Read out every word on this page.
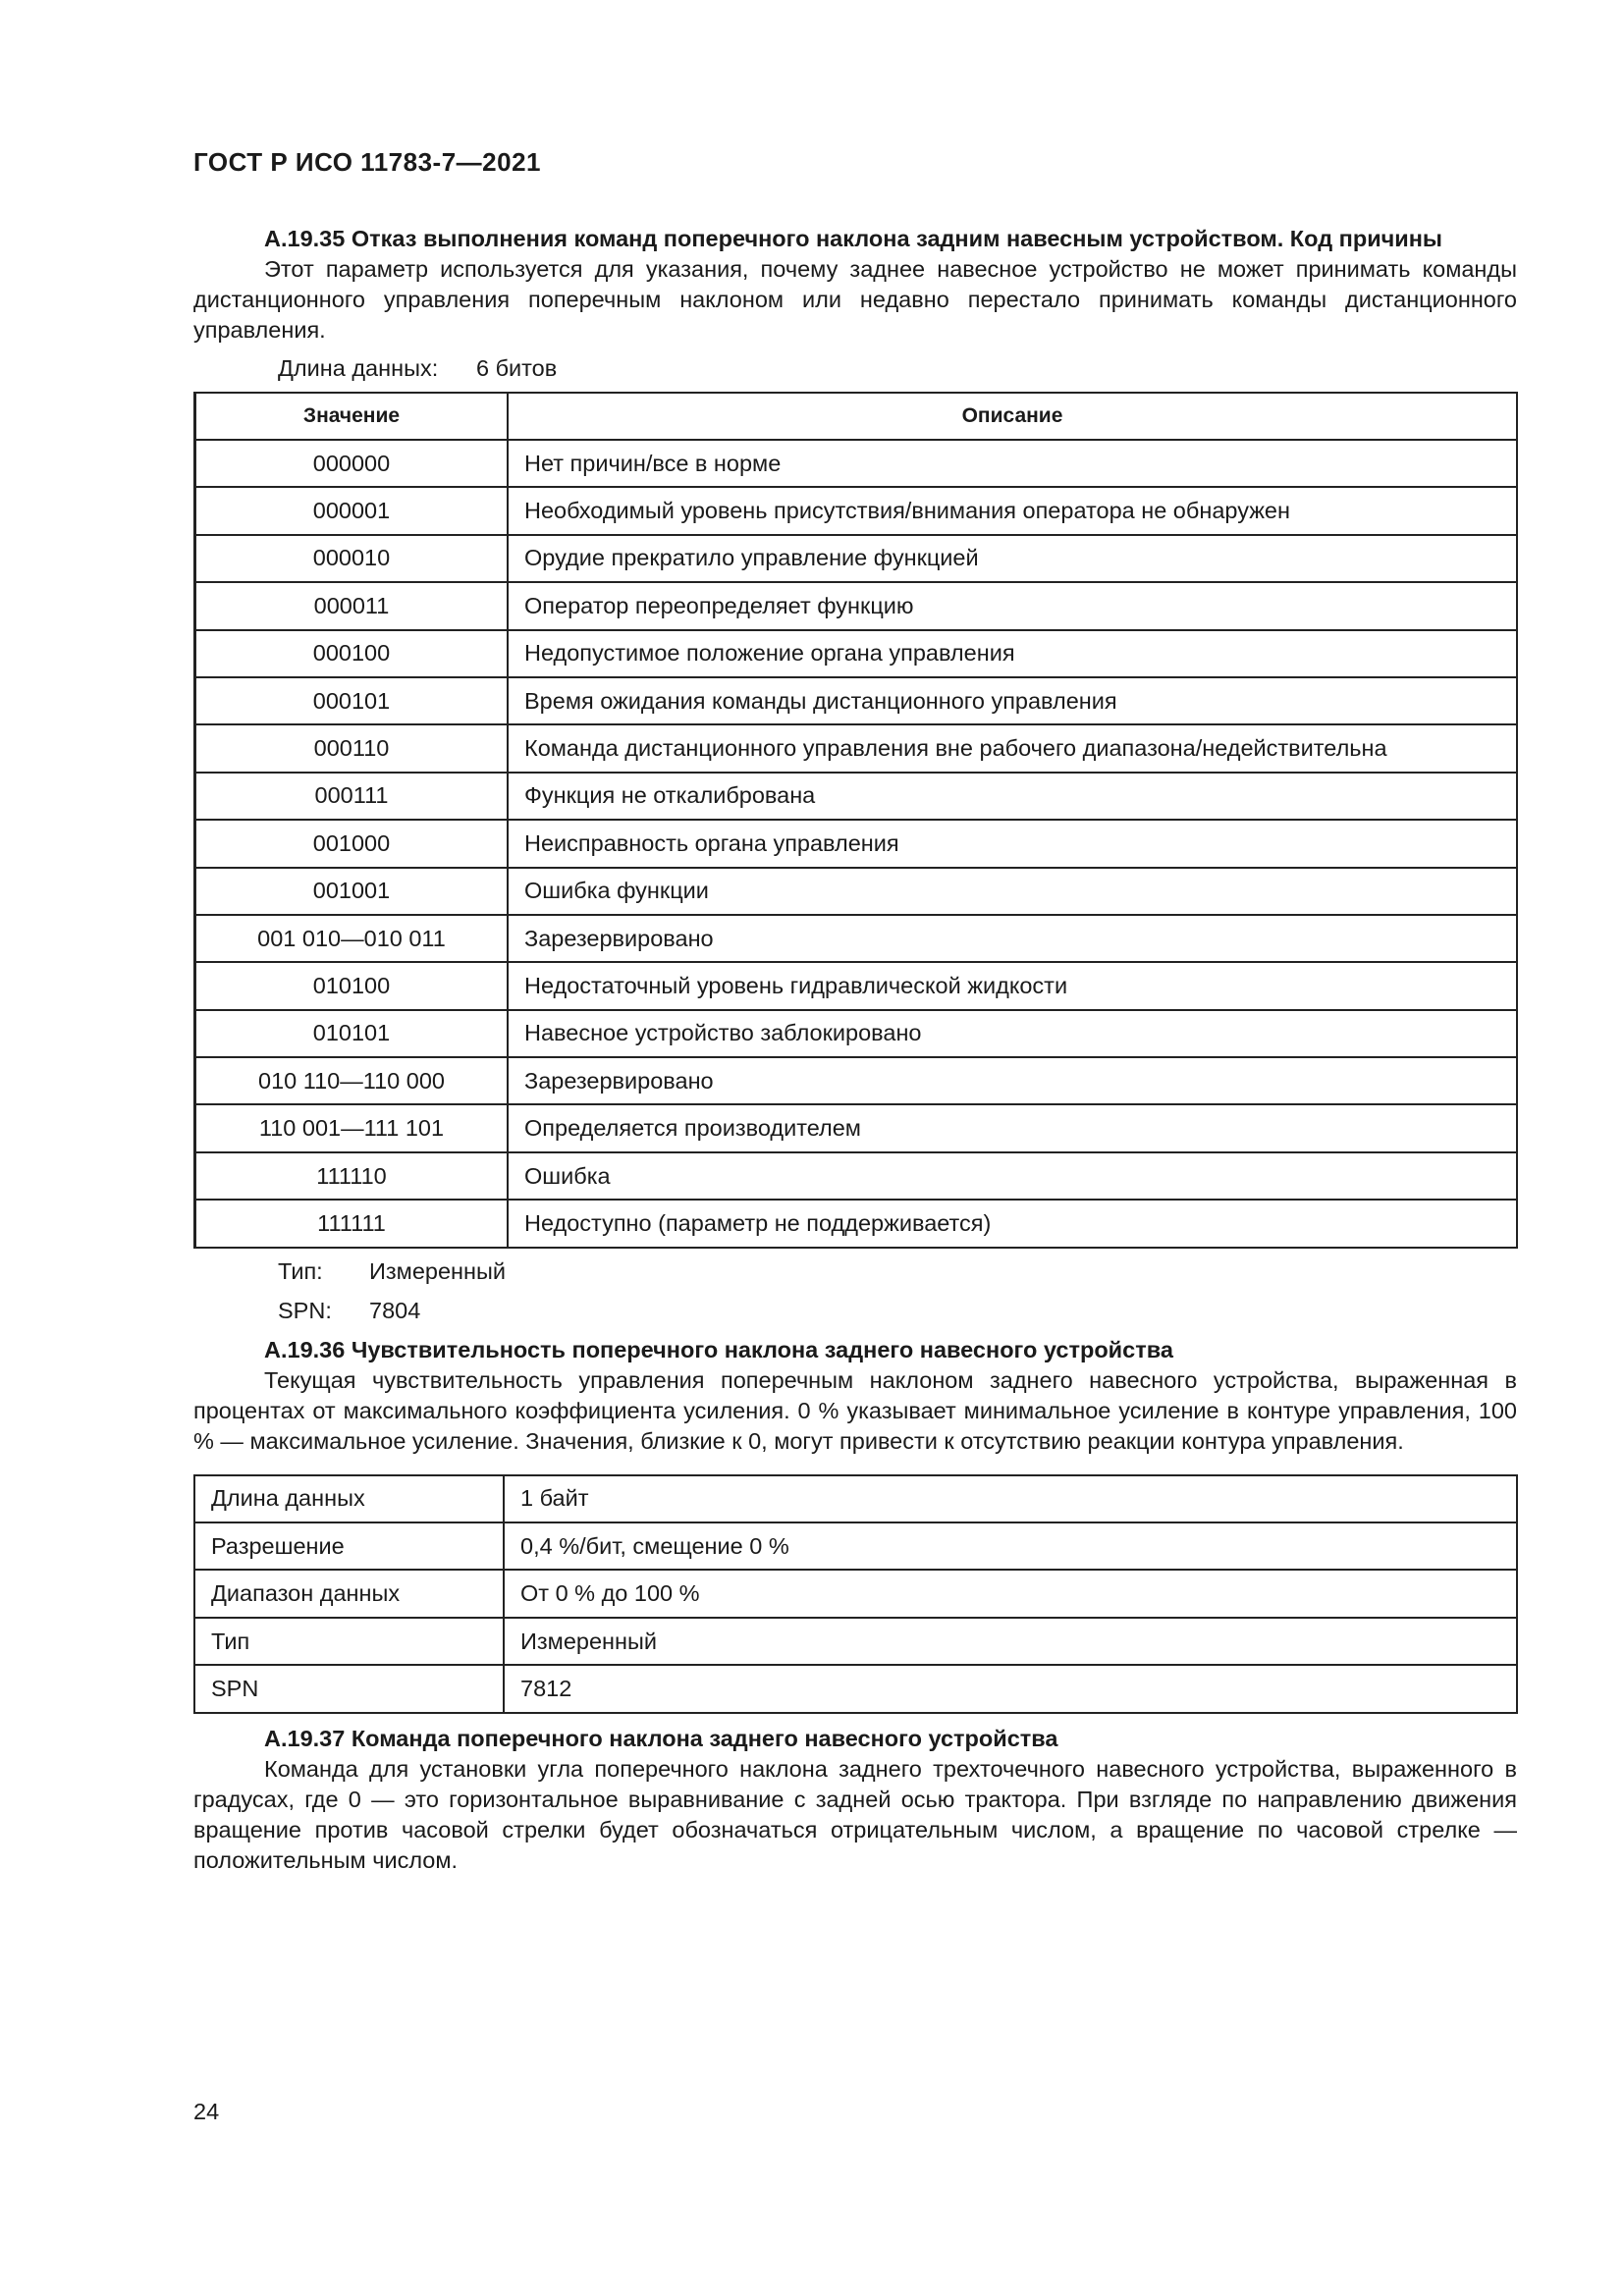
ГОСТ Р ИСО 11783-7—2021

А.19.35 Отказ выполнения команд поперечного наклона задним навесным устройством. Код причины

Этот параметр используется для указания, почему заднее навесное устройство не может принимать команды дистанционного управления поперечным наклоном или недавно перестало принимать команды дистанционного управления.

Длина данных:	6 битов
Значение	Описание
000000	Нет причин/все в норме
000001	Необходимый уровень присутствия/внимания оператора не обнаружен
000010	Орудие прекратило управление функцией
000011	Оператор переопределяет функцию
000100	Недопустимое положение органа управления
000101	Время ожидания команды дистанционного управления
000110	Команда дистанционного управления вне рабочего диапазона/недействительна
000111	Функция не откалибрована
001000	Неисправность органа управления
001001	Ошибка функции
001 010—010 011	Зарезервировано
010100	Недостаточный уровень гидравлической жидкости
010101	Навесное устройство заблокировано
010 110—110 000	Зарезервировано
110 001—111 101	Определяется производителем
111110	Ошибка
111111	Недоступно (параметр не поддерживается)
Тип:	Измеренный
SPN:	7804

А.19.36 Чувствительность поперечного наклона заднего навесного устройства

Текущая чувствительность управления поперечным наклоном заднего навесного устройства, выраженная в процентах от максимального коэффициента усиления. 0 % указывает минимальное усиление в контуре управления, 100 % — максимальное усиление. Значения, близкие к 0, могут привести к отсутствию реакции контура управления.

Длина данных	1 байт
Разрешение	0,4 %/бит, смещение 0 %
Диапазон данных	От 0 % до 100 %
Тип	Измеренный
SPN	7812

А.19.37 Команда поперечного наклона заднего навесного устройства

Команда для установки угла поперечного наклона заднего трехточечного навесного устройства, выраженного в градусах, где 0 — это горизонтальное выравнивание с задней осью трактора. При взгляде по направлению движения вращение против часовой стрелки будет обозначаться отрицательным числом, а вращение по часовой стрелке — положительным числом.

24
